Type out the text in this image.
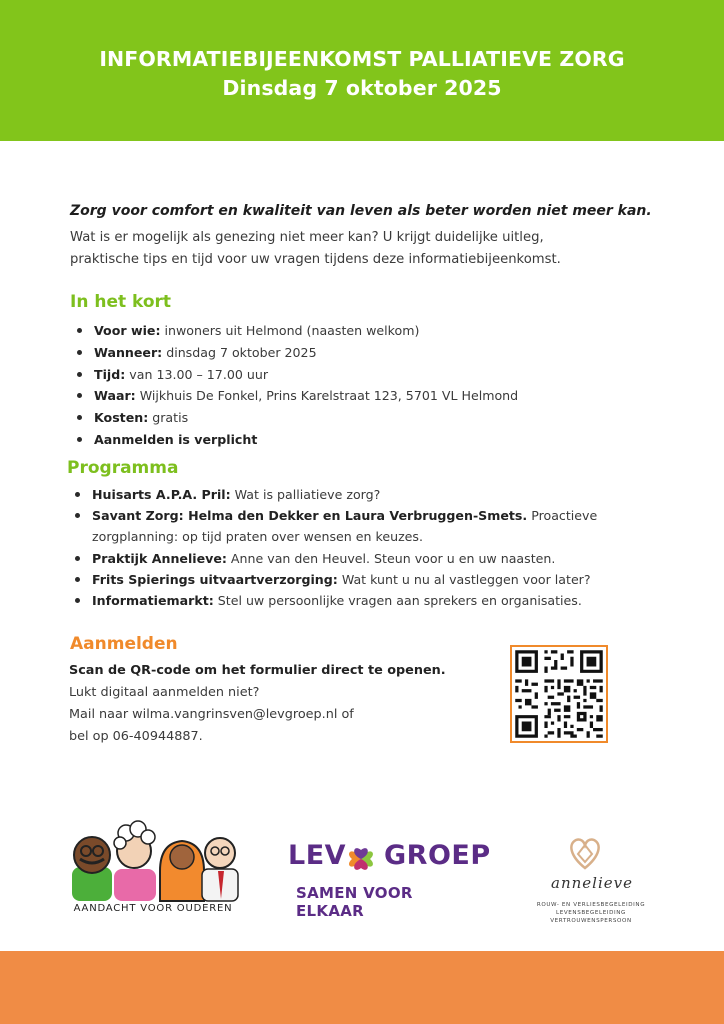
INFORMATIEBIJEENKOMST PALLIATIEVE ZORG
Dinsdag 7 oktober 2025
Zorg voor comfort en kwaliteit van leven als beter worden niet meer kan.
Wat is er mogelijk als genezing niet meer kan? U krijgt duidelijke uitleg,
praktische tips en tijd voor uw vragen tijdens deze informatiebijeenkomst.
In het kort
Voor wie: inwoners uit Helmond (naasten welkom)
Wanneer: dinsdag 7 oktober 2025
Tijd: van 13.00 – 17.00 uur
Waar: Wijkhuis De Fonkel, Prins Karelstraat 123, 5701 VL Helmond
Kosten: gratis
Aanmelden is verplicht
Programma
Huisarts A.P.A. Pril: Wat is palliatieve zorg?
Savant Zorg: Helma den Dekker en Laura Verbruggen-Smets. Proactieve zorgplanning: op tijd praten over wensen en keuzes.
Praktijk Annelieve: Anne van den Heuvel. Steun voor u en uw naasten.
Frits Spierings uitvaartverzorging: Wat kunt u nu al vastleggen voor later?
Informatiemarkt: Stel uw persoonlijke vragen aan sprekers en organisaties.
Aanmelden
Scan de QR-code om het formulier direct te openen.
Lukt digitaal aanmelden niet?
Mail naar wilma.vangrinsven@levgroep.nl of
bel op 06-40944887.
AANDACHT VOOR OUDEREN
LEV GROEP
SAMEN VOOR ELKAAR
annelieve
ROUW- EN VERLIESBEGELEIDING
LEVENSBEGELEIDING
VERTROUWENSPERSOON
